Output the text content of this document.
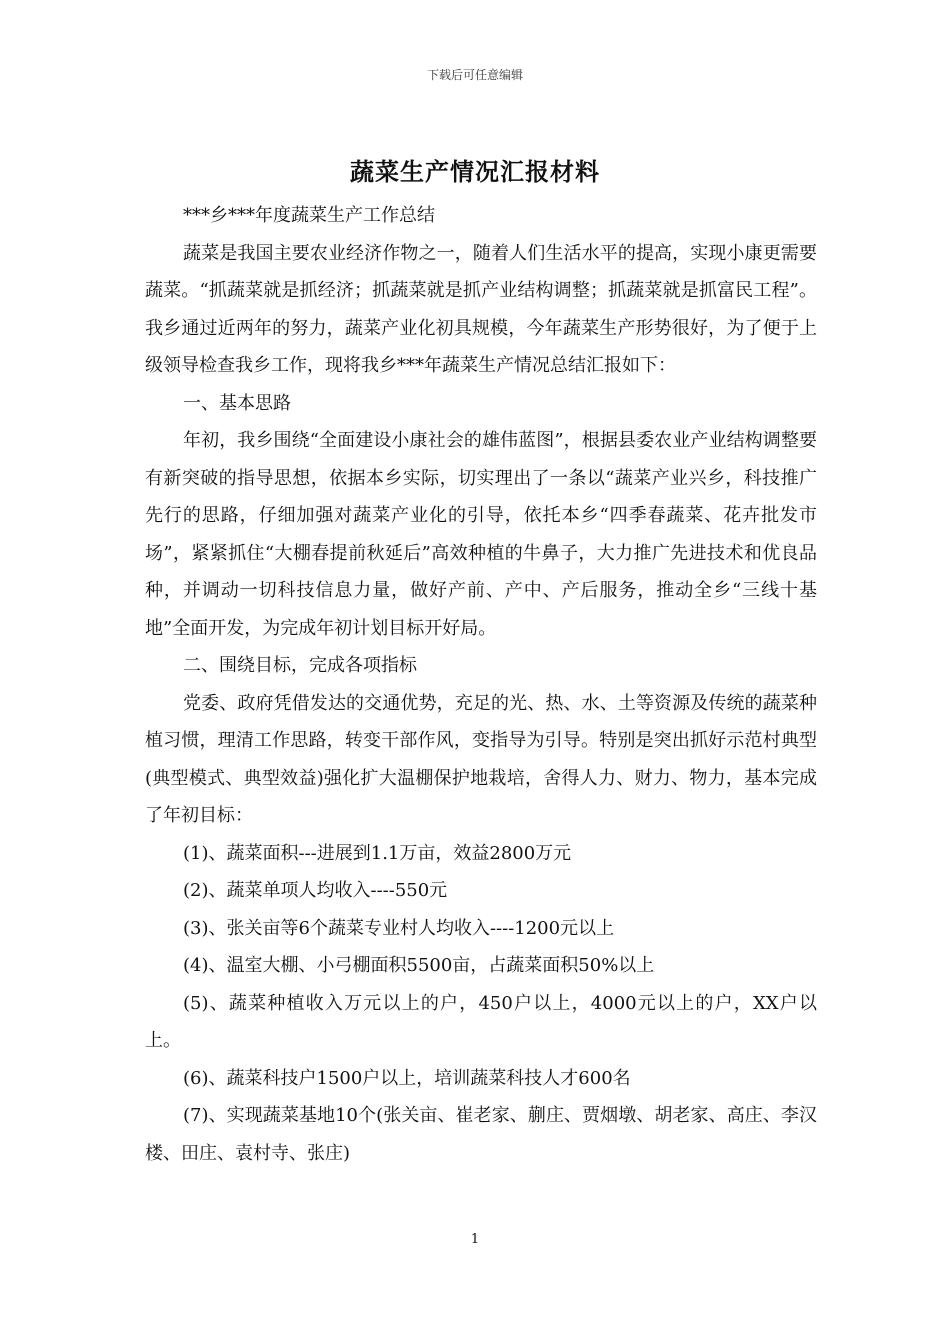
下载后可任意编辑
蔬菜生产情况汇报材料

***乡***年度蔬菜生产工作总结

蔬菜是我国主要农业经济作物之一，随着人们生活水平的提高，实现小康更需要蔬菜。“抓蔬菜就是抓经济；抓蔬菜就是抓产业结构调整；抓蔬菜就是抓富民工程”。我乡通过近两年的努力，蔬菜产业化初具规模，今年蔬菜生产形势很好，为了便于上级领导检查我乡工作，现将我乡***年蔬菜生产情况总结汇报如下：

一、基本思路

年初，我乡围绕“全面建设小康社会的雄伟蓝图”，根据县委农业产业结构调整要有新突破的指导思想，依据本乡实际，切实理出了一条以“蔬菜产业兴乡，科技推广先行的思路，仔细加强对蔬菜产业化的引导，依托本乡“四季春蔬菜、花卉批发市场”，紧紧抓住“大棚春提前秋延后”高效种植的牛鼻子，大力推广先进技术和优良品种，并调动一切科技信息力量，做好产前、产中、产后服务，推动全乡“三线十基地”全面开发，为完成年初计划目标开好局。

二、围绕目标，完成各项指标

党委、政府凭借发达的交通优势，充足的光、热、水、土等资源及传统的蔬菜种植习惯，理清工作思路，转变干部作风，变指导为引导。特别是突出抓好示范村典型(典型模式、典型效益)强化扩大温棚保护地栽培，舍得人力、财力、物力，基本完成了年初目标：

(1)、蔬菜面积---进展到1.1万亩，效益2800万元

(2)、蔬菜单项人均收入----550元

(3)、张关亩等6个蔬菜专业村人均收入----1200元以上

(4)、温室大棚、小弓棚面积5500亩，占蔬菜面积50%以上

(5)、蔬菜种植收入万元以上的户，450户以上，4000元以上的户，XX户以上。

(6)、蔬菜科技户1500户以上，培训蔬菜科技人才600名

(7)、实现蔬菜基地10个(张关亩、崔老家、蒯庄、贾烟墩、胡老家、高庄、李汉楼、田庄、袁村寺、张庄)

1
